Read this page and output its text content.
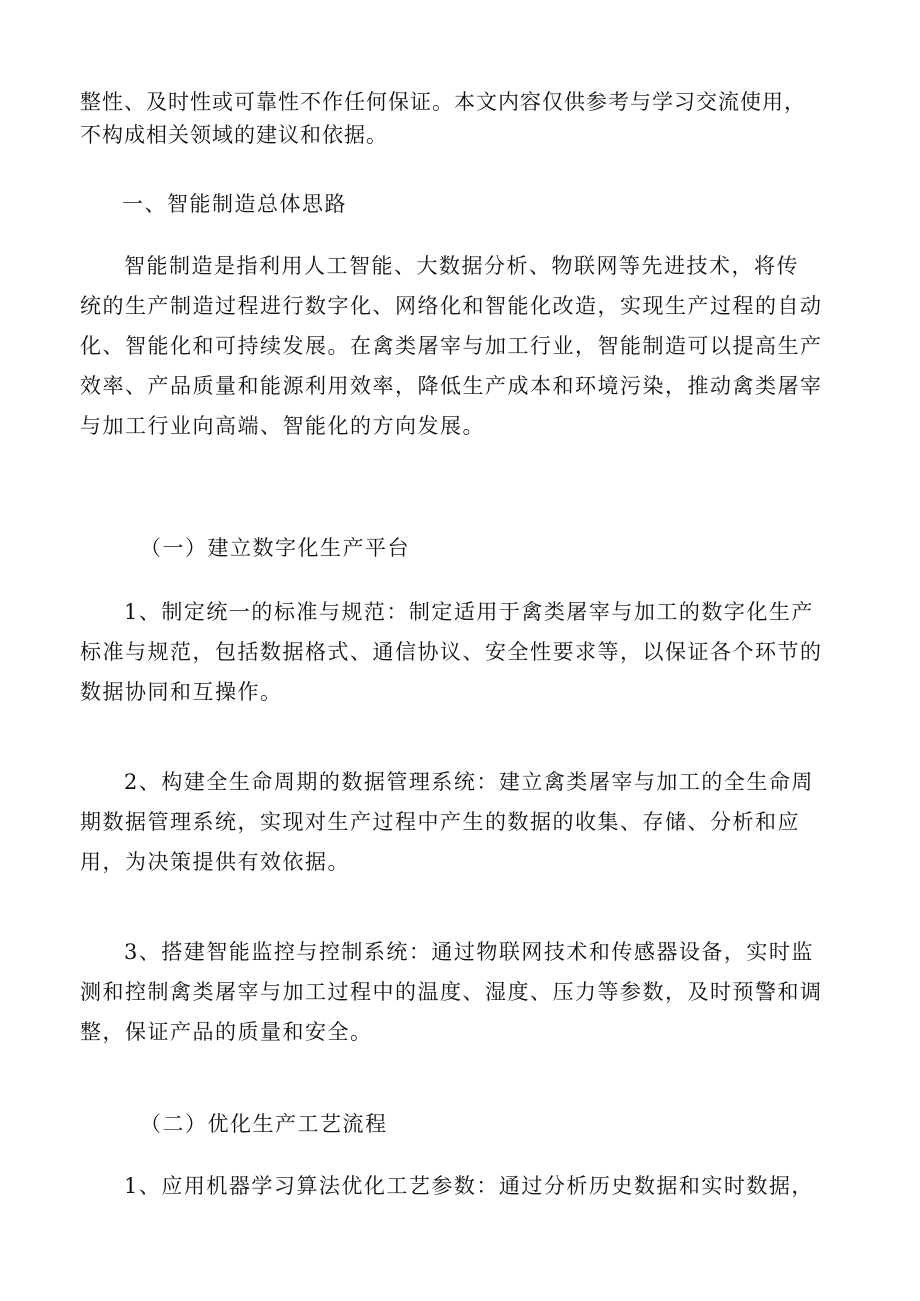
整性、及时性或可靠性不作任何保证。本文内容仅供参考与学习交流使用，
不构成相关领域的建议和依据。

一、智能制造总体思路

智能制造是指利用人工智能、大数据分析、物联网等先进技术，将传
统的生产制造过程进行数字化、网络化和智能化改造，实现生产过程的自动
化、智能化和可持续发展。在禽类屠宰与加工行业，智能制造可以提高生产
效率、产品质量和能源利用效率，降低生产成本和环境污染，推动禽类屠宰
与加工行业向高端、智能化的方向发展。

（一）建立数字化生产平台

1、制定统一的标准与规范：制定适用于禽类屠宰与加工的数字化生产
标准与规范，包括数据格式、通信协议、安全性要求等，以保证各个环节的
数据协同和互操作。

2、构建全生命周期的数据管理系统：建立禽类屠宰与加工的全生命周
期数据管理系统，实现对生产过程中产生的数据的收集、存储、分析和应
用，为决策提供有效依据。

3、搭建智能监控与控制系统：通过物联网技术和传感器设备，实时监
测和控制禽类屠宰与加工过程中的温度、湿度、压力等参数，及时预警和调
整，保证产品的质量和安全。

（二）优化生产工艺流程

1、应用机器学习算法优化工艺参数：通过分析历史数据和实时数据，
